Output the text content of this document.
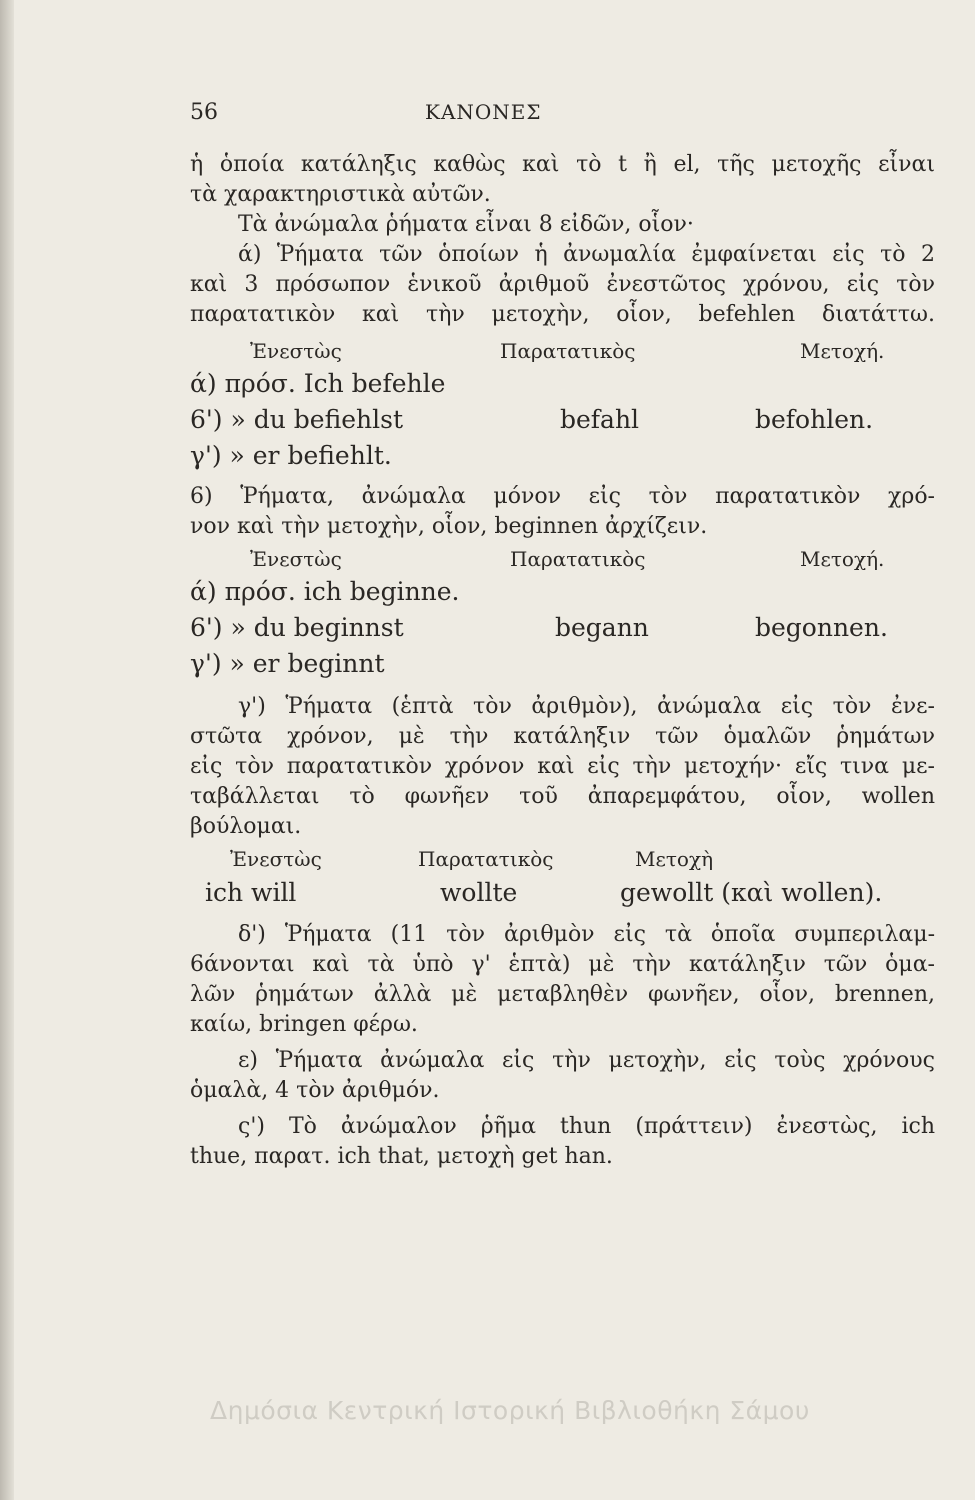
56	ΚΑΝΟΝΕΣ

ἡ ὁποία κατάληξις καθὼς καὶ τὸ t ἢ el, τῆς μετοχῆς εἶναι

τὰ χαρακτηριστικὰ αὐτῶν.

Τὰ ἀνώμαλα ῥήματα εἶναι 8 εἰδῶν, οἷον·

ά) Ῥήματα τῶν ὁποίων ἡ ἀνωμαλία ἐμφαίνεται εἰς τὸ 2

καὶ 3 πρόσωπον ἑνικοῦ ἀριθμοῦ ἐνεστῶτος χρόνου, εἰς τὸν

παρατατικὸν καὶ τὴν μετοχὴν, οἷον, befehlen διατάττω.

Ἐνεστὼς	Παρατατικὸς	Μετοχή.
ά) πρόσ. Ich befehle
6') » du befiehlst	befahl	befohlen.
γ') » er befiehlt.

6) Ῥήματα, ἀνώμαλα μόνον εἰς τὸν παρατατικὸν χρό-

νον καὶ τὴν μετοχὴν, οἷον, beginnen ἀρχίζειν.

Ἐνεστὼς	Παρατατικὸς	Μετοχή.
ά) πρόσ. ich beginne.
6') » du beginnst	begann	begonnen.
γ') » er beginnt

γ') Ῥήματα (ἑπτὰ τὸν ἀριθμὸν), ἀνώμαλα εἰς τὸν ἐνε-

στῶτα χρόνον, μὲ τὴν κατάληξιν τῶν ὁμαλῶν ῥημάτων

εἰς τὸν παρατατικὸν χρόνον καὶ εἰς τὴν μετοχήν· εἴς τινα με-

ταβάλλεται τὸ φωνῆεν τοῦ ἀπαρεμφάτου, οἷον, wollen

βούλομαι.

Ἐνεστὼς	Παρατατικὸς	Μετοχὴ
ich will	wollte	gewollt (καὶ wollen).

δ') Ῥήματα (11 τὸν ἀριθμὸν εἰς τὰ ὁποῖα συμπεριλαμ-

6άνονται καὶ τὰ ὑπὸ γ' ἑπτὰ) μὲ τὴν κατάληξιν τῶν ὁμα-

λῶν ῥημάτων ἀλλὰ μὲ μεταβληθὲν φωνῆεν, οἷον, brennen,

καίω, bringen φέρω.

ε) Ῥήματα ἀνώμαλα εἰς τὴν μετοχὴν, εἰς τοὺς χρόνους

ὁμαλὰ, 4 τὸν ἀριθμόν.

ς') Τὸ ἀνώμαλον ῥῆμα thun (πράττειν) ἐνεστὼς, ich

thue, παρατ. ich that, μετοχὴ get han.

Δημόσια Κεντρική Ιστορική Βιβλιοθήκη Σάμου
